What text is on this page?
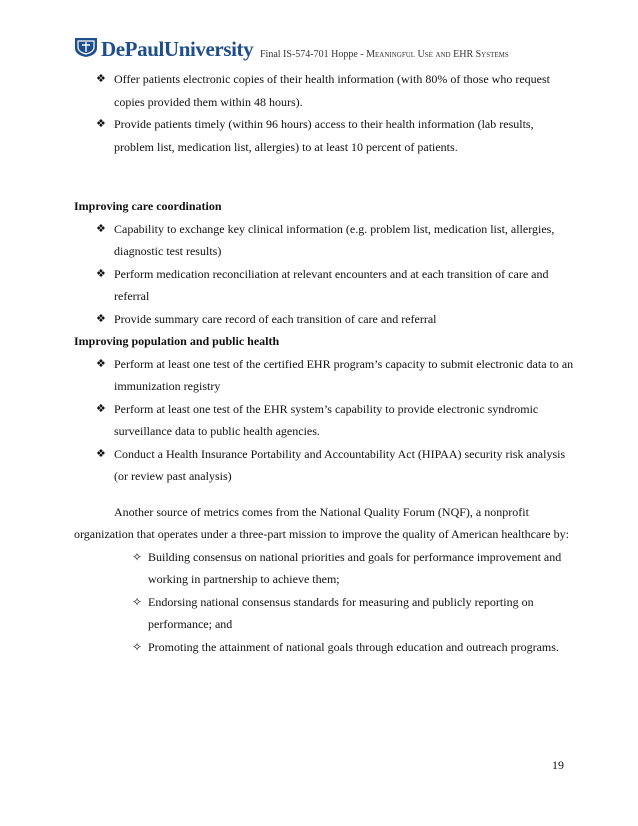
DePaulUniversity Final IS-574-701 Hoppe - Meaningful Use and EHR Systems
❖ Offer patients electronic copies of their health information (with 80% of those who request copies provided them within 48 hours).
❖ Provide patients timely (within 96 hours) access to their health information (lab results, problem list, medication list, allergies) to at least 10 percent of patients.
Improving care coordination
❖ Capability to exchange key clinical information (e.g. problem list, medication list, allergies, diagnostic test results)
❖ Perform medication reconciliation at relevant encounters and at each transition of care and referral
❖ Provide summary care record of each transition of care and referral
Improving population and public health
❖ Perform at least one test of the certified EHR program’s capacity to submit electronic data to an immunization registry
❖ Perform at least one test of the EHR system’s capability to provide electronic syndromic surveillance data to public health agencies.
❖ Conduct a Health Insurance Portability and Accountability Act (HIPAA) security risk analysis (or review past analysis)
Another source of metrics comes from the National Quality Forum (NQF), a nonprofit organization that operates under a three-part mission to improve the quality of American healthcare by:
✧ Building consensus on national priorities and goals for performance improvement and working in partnership to achieve them;
✧ Endorsing national consensus standards for measuring and publicly reporting on performance; and
✧ Promoting the attainment of national goals through education and outreach programs.
19
